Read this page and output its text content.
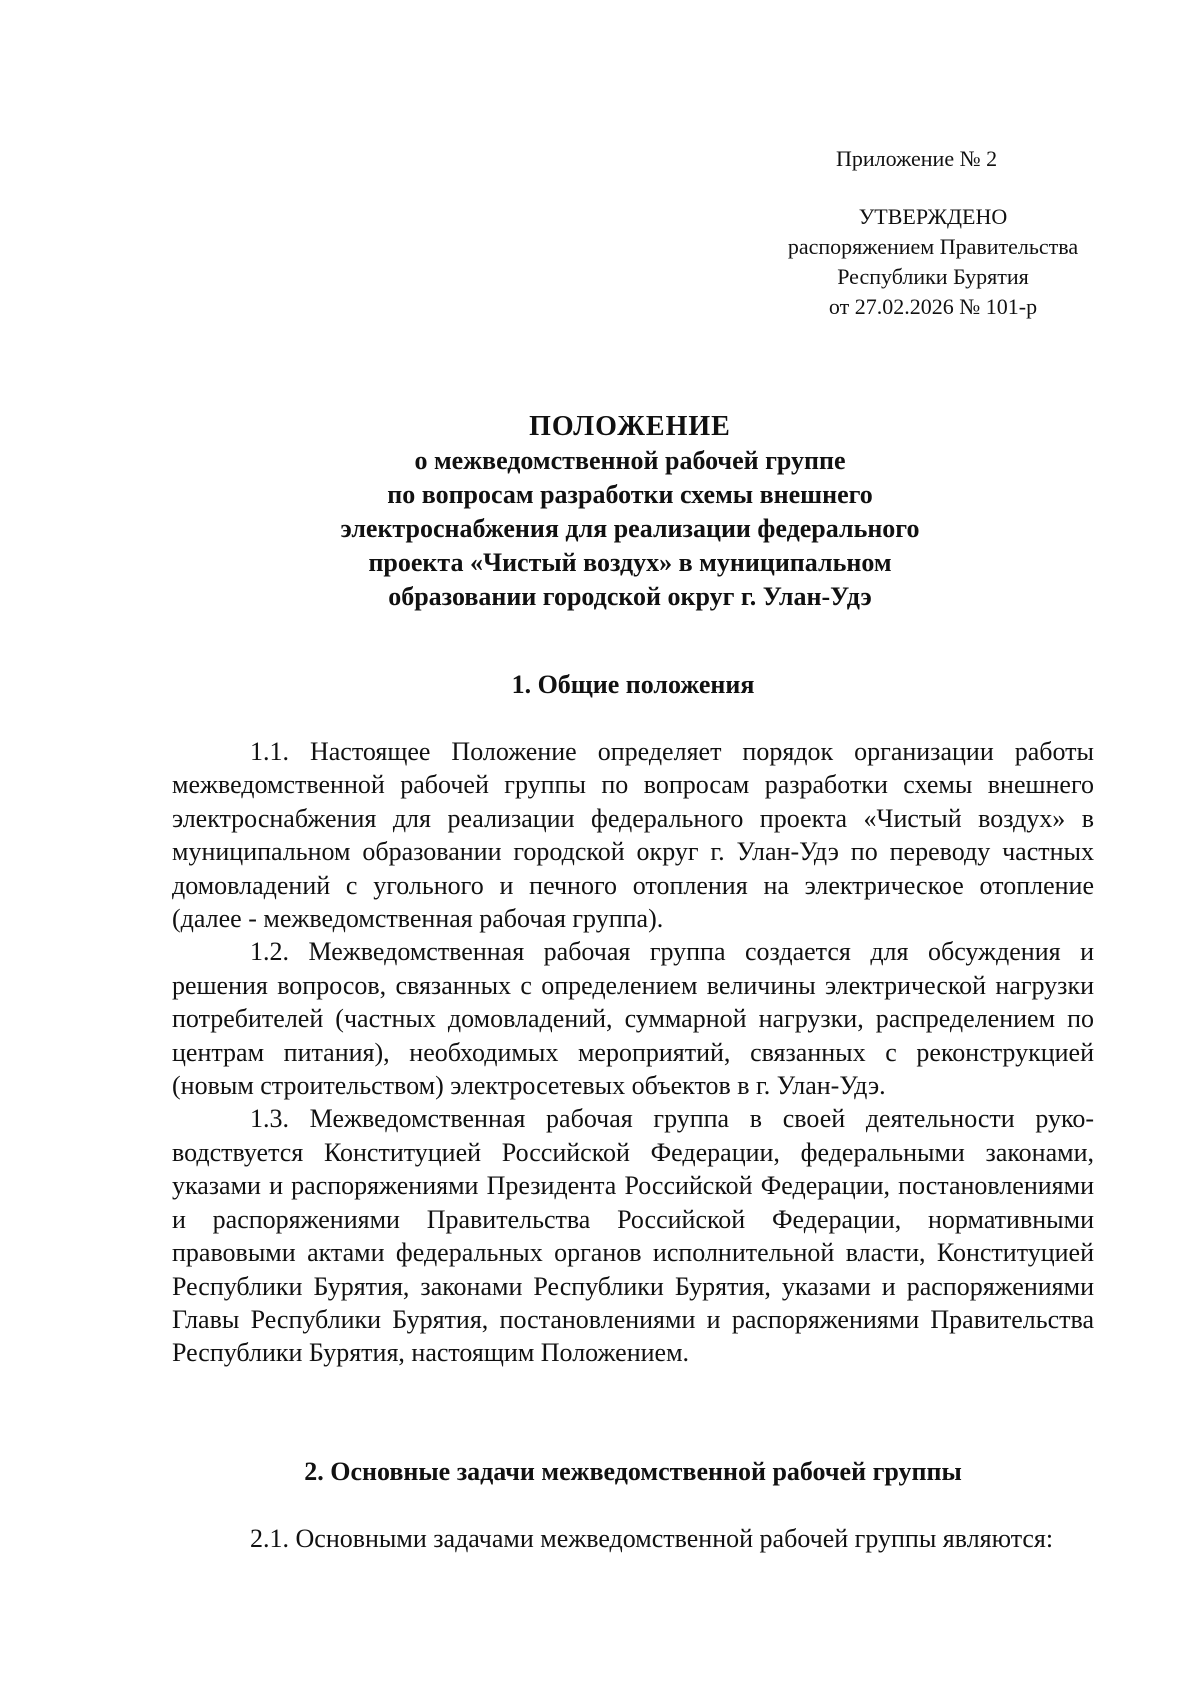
Приложение № 2
УТВЕРЖДЕНО
распоряжением Правительства
Республики Бурятия
от 27.02.2026 № 101-р
ПОЛОЖЕНИЕ
о межведомственной рабочей группе
по вопросам разработки схемы внешнего
электроснабжения для реализации федерального
проекта «Чистый воздух» в муниципальном
образовании городской округ г. Улан-Удэ
1. Общие положения

1.1. Настоящее Положение определяет порядок организации работы межведомственной рабочей группы по вопросам разработки схемы внешнего электроснабжения для реализации федерального проекта «Чистый воздух» в муниципальном образовании городской округ г. Улан-Удэ по переводу частных домовладений с угольного и печного отопления на электрическое отопление (далее - межведомственная рабочая группа).

1.2. Межведомственная рабочая группа создается для обсуждения и решения вопросов, связанных с определением величины электрической нагрузки потребителей (частных домовладений, суммарной нагрузки, распределением по центрам питания), необходимых мероприятий, связанных с реконструкцией (новым строительством) электросетевых объектов в г. Улан-Удэ.

1.3. Межведомственная рабочая группа в своей деятельности руководствуется Конституцией Российской Федерации, федеральными законами, указами и распоряжениями Президента Российской Федерации, постановлениями и распоряжениями Правительства Российской Федерации, нормативными правовыми актами федеральных органов исполнительной власти, Конституцией Республики Бурятия, законами Республики Бурятия, указами и распоряжениями Главы Республики Бурятия, постановлениями и распоряжениями Правительства Республики Бурятия, настоящим Положением.

2. Основные задачи межведомственной рабочей группы

2.1. Основными задачами межведомственной рабочей группы являются:
